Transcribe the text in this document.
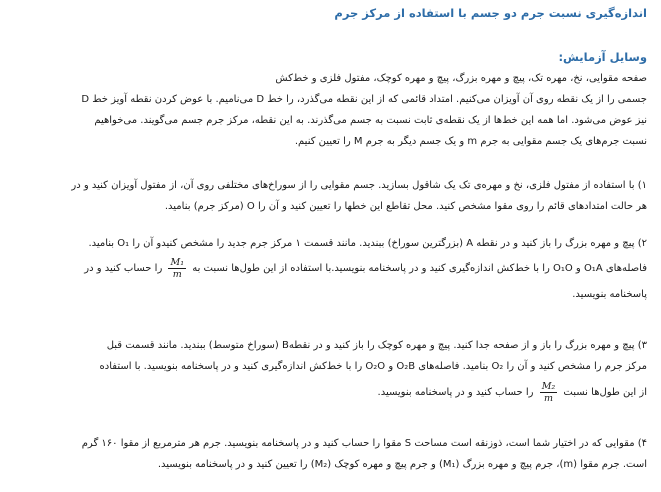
اندازه‌گیری نسبت جرم دو جسم با استفاده از مرکز جرم
وسایل آزمایش:

صفحه مقوایی، نخ، مهره تک، پیچ و مهره بزرگ، پیچ و مهره کوچک، مفتول فلزی و خط‌کش

جسمی را از یک نقطه روی آن آویزان می‌کنیم. امتداد قائمی که از این نقطه می‌گذرد، را خط D می‌نامیم. با عوض کردن نقطه آویز خط D

نیز عوض می‌شود. اما همه این خط‌ها از یک نقطه‌ی ثابت نسبت به جسم می‌گذرند. به این نقطه، مرکز جرم جسم می‌گویند. می‌خواهیم

نسبت جرم‌های یک جسم مقوایی به جرم m و یک جسم دیگر به جرم M را تعیین کنیم.

۱) با استفاده از مفتول فلزی، نخ و مهره‌ی تک یک شاقول بسازید. جسم مقوایی را از سوراخ‌های مختلفی روی آن، از مفتول آویزان کنید و در

هر حالت امتدادهای قائم را روی مقوا مشخص کنید. محل تقاطع این خطها را تعیین کنید و آن را O (مرکز جرم) بنامید.

۲) پیچ و مهره بزرگ را باز کنید و در نقطه A (بزرگترین سوراخ) ببندید. مانند قسمت ۱ مرکز جرم جدید را مشخص کنیدو آن را O₁ بنامید.

فاصله‌های O₁A و O₁O را با خط‌کش اندازه‌گیری کنید و در پاسخنامه بنویسید.با استفاده از این طول‌ها نسبت به
$\frac{\text{M₁}}{m}$
را حساب کنید و در

پاسخنامه بنویسید.

۳) پیچ و مهره بزرگ را باز و از صفحه جدا کنید. پیچ و مهره کوچک را باز کنید و در نقطهB (سوراخ متوسط) ببندید. مانند قسمت قبل

مرکز جرم را مشخص کنید و آن را O₂ بنامید. فاصله‌های O₂B و O₂O را با خط‌کش اندازه‌گیری کنید و در پاسخنامه بنویسید. با استفاده

از این طول‌ها نسبت
$\frac{\text{M₂}}{m}$
را حساب کنید و در پاسخنامه بنویسید.

۴) مقوایی که در اختیار شما است، ذوزنقه است مساحت S مقوا را حساب کنید و در پاسخنامه بنویسید. جرم هر مترمربع از مقوا ۱۶۰ گرم

است. جرم مقوا (m)، جرم پیچ و مهره بزرگ (M₁) و جرم پیچ و مهره کوچک (M₂) را تعیین کنید و در پاسخنامه بنویسید.
